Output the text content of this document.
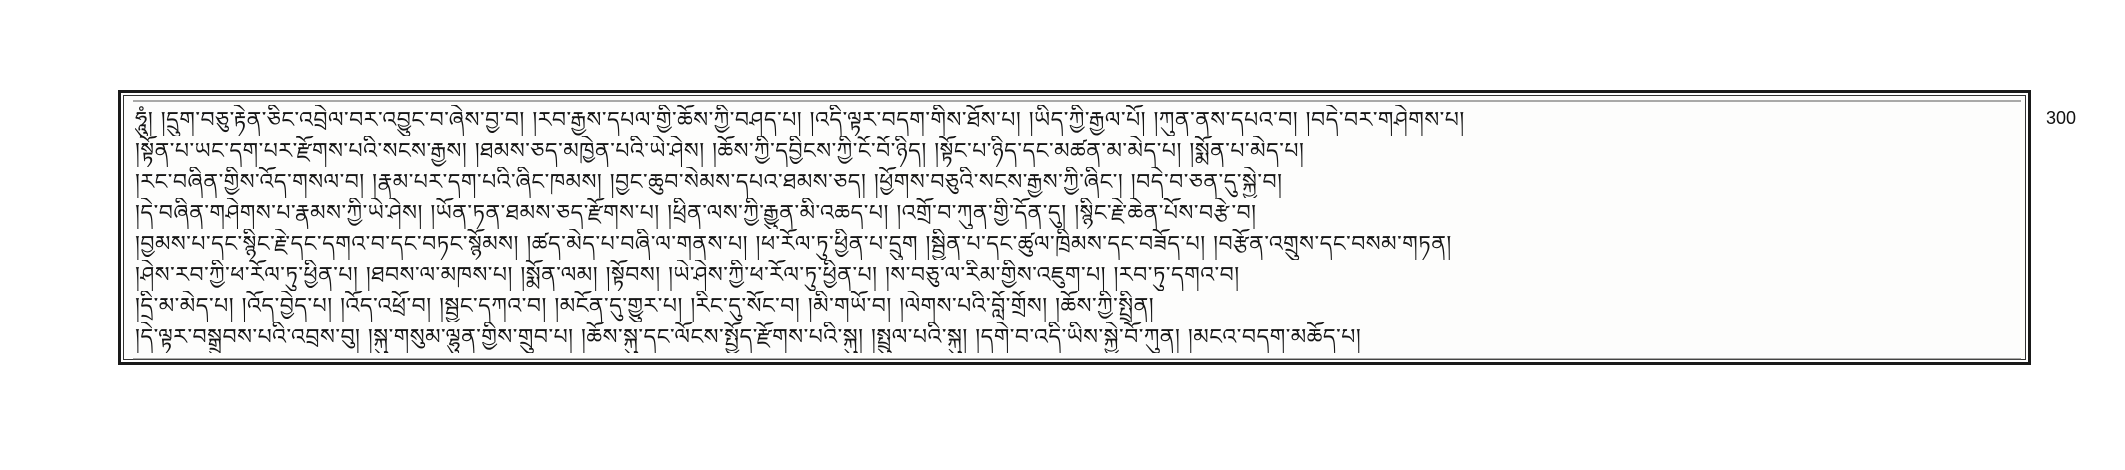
ཧཱུཾ། །དྲུག་བཅུ་རྟེན་ཅིང་འབྲེལ་བར་འབྱུང་བ་ཞེས་བྱ་བ། །རབ་རྒྱས་དཔལ་གྱི་ཆོས་ཀྱི་བཤད་པ། །འདི་ལྟར་བདག་གིས་ཐོས་པ། །ཡིད་ཀྱི་རྒྱལ་པོ། །ཀུན་ནས་དཔའ་བ། །བདེ་བར་གཤེགས་པ།

།སྟོན་པ་ཡང་དག་པར་རྫོགས་པའི་སངས་རྒྱས། །ཐམས་ཅད་མཁྱེན་པའི་ཡེ་ཤེས། །ཆོས་ཀྱི་དབྱིངས་ཀྱི་ངོ་བོ་ཉིད། །སྟོང་པ་ཉིད་དང་མཚན་མ་མེད་པ། །སྨོན་པ་མེད་པ།

།རང་བཞིན་གྱིས་འོད་གསལ་བ། །རྣམ་པར་དག་པའི་ཞིང་ཁམས། །བྱང་ཆུབ་སེམས་དཔའ་ཐམས་ཅད། །ཕྱོགས་བཅུའི་སངས་རྒྱས་ཀྱི་ཞིང་། །བདེ་བ་ཅན་དུ་སྐྱེ་བ།

།དེ་བཞིན་གཤེགས་པ་རྣམས་ཀྱི་ཡེ་ཤེས། །ཡོན་ཏན་ཐམས་ཅད་རྫོགས་པ། །ཕྲིན་ལས་ཀྱི་རྒྱུན་མི་འཆད་པ། །འགྲོ་བ་ཀུན་གྱི་དོན་དུ། །སྙིང་རྗེ་ཆེན་པོས་བརྩེ་བ།

།བྱམས་པ་དང་སྙིང་རྗེ་དང་དགའ་བ་དང་བཏང་སྙོམས། །ཚད་མེད་པ་བཞི་ལ་གནས་པ། །ཕ་རོལ་ཏུ་ཕྱིན་པ་དྲུག །སྦྱིན་པ་དང་ཚུལ་ཁྲིམས་དང་བཟོད་པ། །བརྩོན་འགྲུས་དང་བསམ་གཏན།

།ཤེས་རབ་ཀྱི་ཕ་རོལ་ཏུ་ཕྱིན་པ། །ཐབས་ལ་མཁས་པ། །སྨོན་ལམ། །སྟོབས། །ཡེ་ཤེས་ཀྱི་ཕ་རོལ་ཏུ་ཕྱིན་པ། །ས་བཅུ་ལ་རིམ་གྱིས་འཇུག་པ། །རབ་ཏུ་དགའ་བ།

།དྲི་མ་མེད་པ། །འོད་བྱེད་པ། །འོད་འཕྲོ་བ། །སྦྱང་དཀའ་བ། །མངོན་དུ་གྱུར་པ། །རིང་དུ་སོང་བ། །མི་གཡོ་བ། །ལེགས་པའི་བློ་གྲོས། །ཆོས་ཀྱི་སྤྲིན།

།དེ་ལྟར་བསྒྲུབས་པའི་འབྲས་བུ། །སྐུ་གསུམ་ལྷུན་གྱིས་གྲུབ་པ། །ཆོས་སྐུ་དང་ལོངས་སྤྱོད་རྫོགས་པའི་སྐུ། །སྤྲུལ་པའི་སྐུ། །དགེ་བ་འདི་ཡིས་སྐྱེ་བོ་ཀུན། །མངའ་བདག་མཆོད་པ།

300
